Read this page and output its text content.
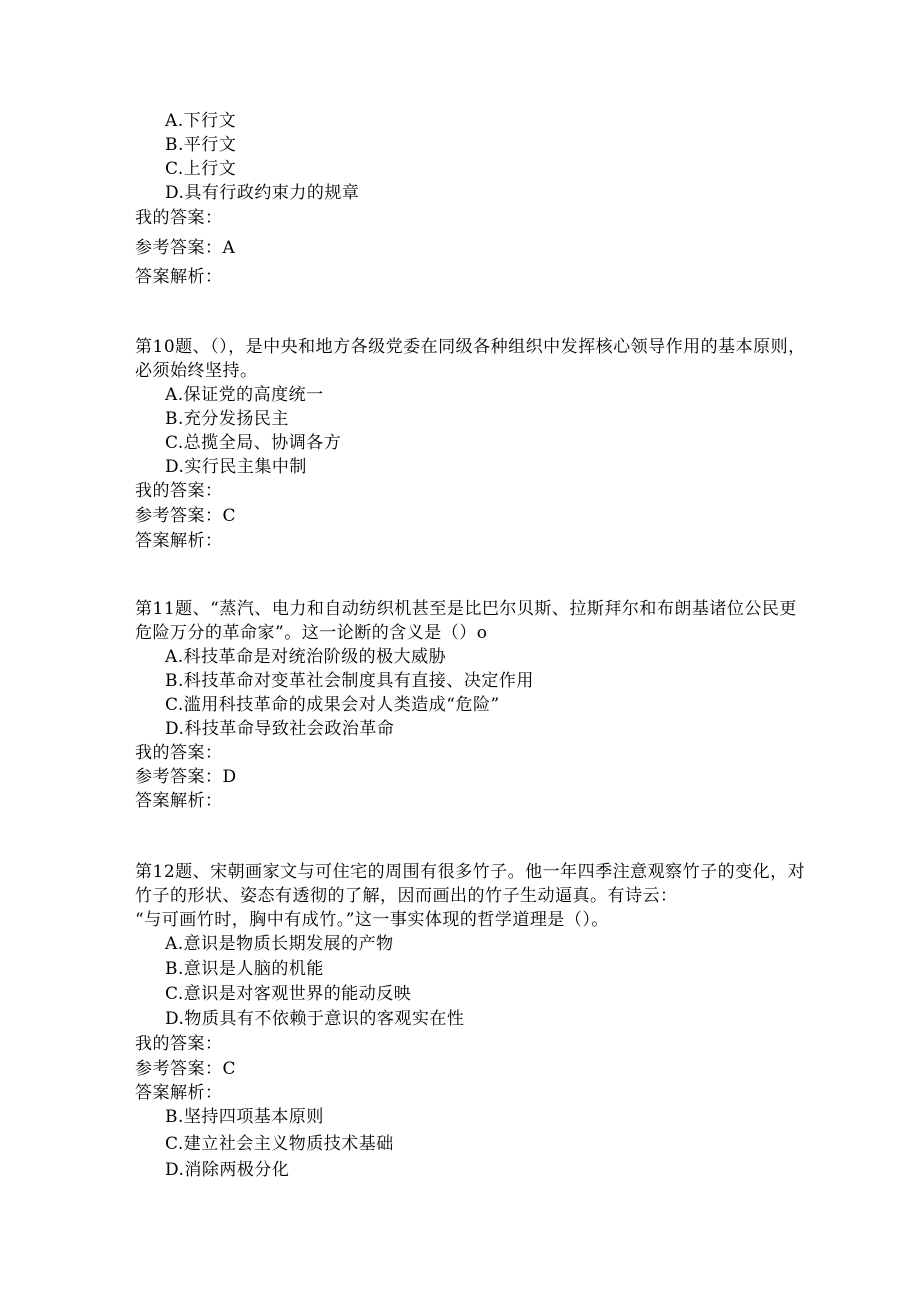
A.下行文
B.平行文
C.上行文
D.具有行政约束力的规章
我的答案：
参考答案：A
答案解析：
第10题、（），是中央和地方各级党委在同级各种组织中发挥核心领导作用的基本原则，
必须始终坚持。
A.保证党的高度统一
B.充分发扬民主
C.总揽全局、协调各方
D.实行民主集中制
我的答案：
参考答案：C
答案解析：
第11题、“蒸汽、电力和自动纺织机甚至是比巴尔贝斯、拉斯拜尔和布朗基诸位公民更
危险万分的革命家”。这一论断的含义是（）o
A.科技革命是对统治阶级的极大威胁
B.科技革命对变革社会制度具有直接、决定作用
C.滥用科技革命的成果会对人类造成“危险”
D.科技革命导致社会政治革命
我的答案：
参考答案：D
答案解析：
第12题、宋朝画家文与可住宅的周围有很多竹子。他一年四季注意观察竹子的变化，对
竹子的形状、姿态有透彻的了解，因而画出的竹子生动逼真。有诗云：
“与可画竹时，胸中有成竹。”这一事实体现的哲学道理是（）。
A.意识是物质长期发展的产物
B.意识是人脑的机能
C.意识是对客观世界的能动反映
D.物质具有不依赖于意识的客观实在性
我的答案：
参考答案：C
答案解析：
B.坚持四项基本原则
C.建立社会主义物质技术基础
D.消除两极分化
